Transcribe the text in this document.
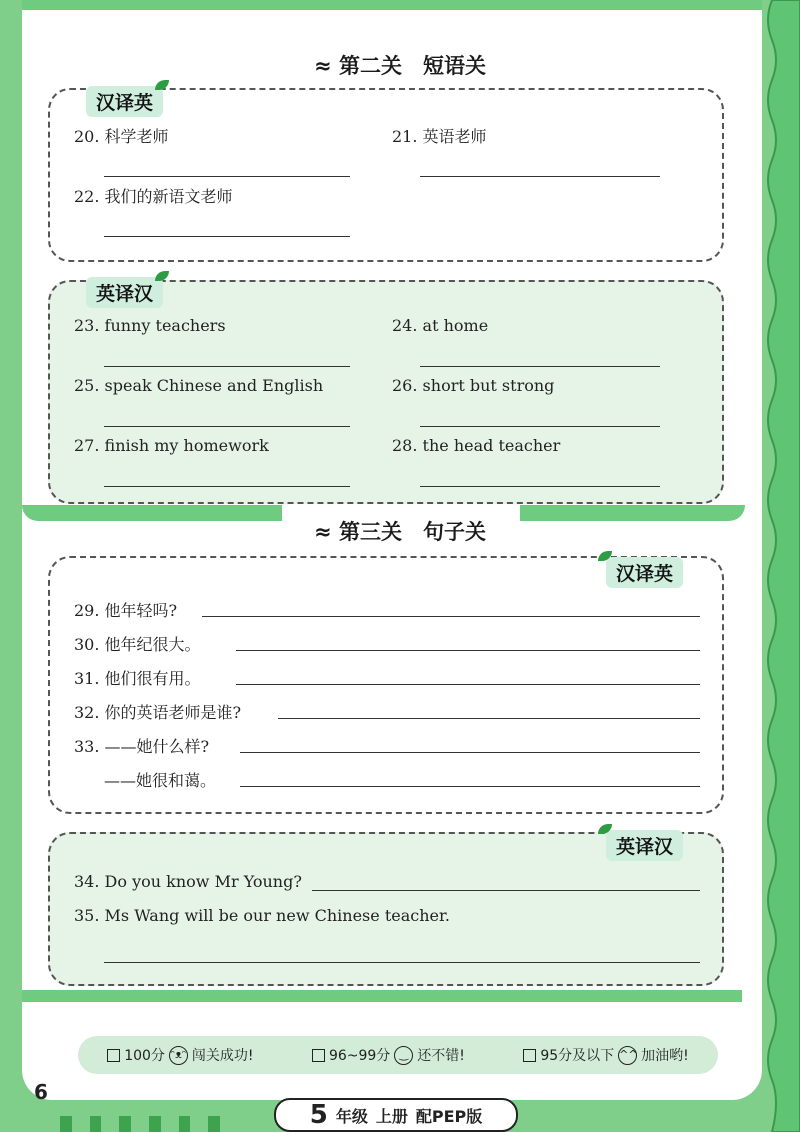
≈ 第二关　短语关
汉译英
20. 科学老师	21. 英语老师
22. 我们的新语文老师
英译汉
23. funny teachers	24. at home
25. speak Chinese and English	26. short but strong
27. finish my homework	28. the head teacher
≈ 第三关　句子关
汉译英
29. 他年轻吗?
30. 他年纪很大。
31. 他们很有用。
32. 你的英语老师是谁?
33. ——她什么样?
——她很和蔼。
英译汉
34. Do you know Mr Young?
35. Ms Wang will be our new Chinese teacher.
100分 ᵔᴥᵔ 闯关成功!	96~99分 ‿ 还不错!	95分及以下 ^^ 加油哟!
6
5 年级 上册 配PEP版
